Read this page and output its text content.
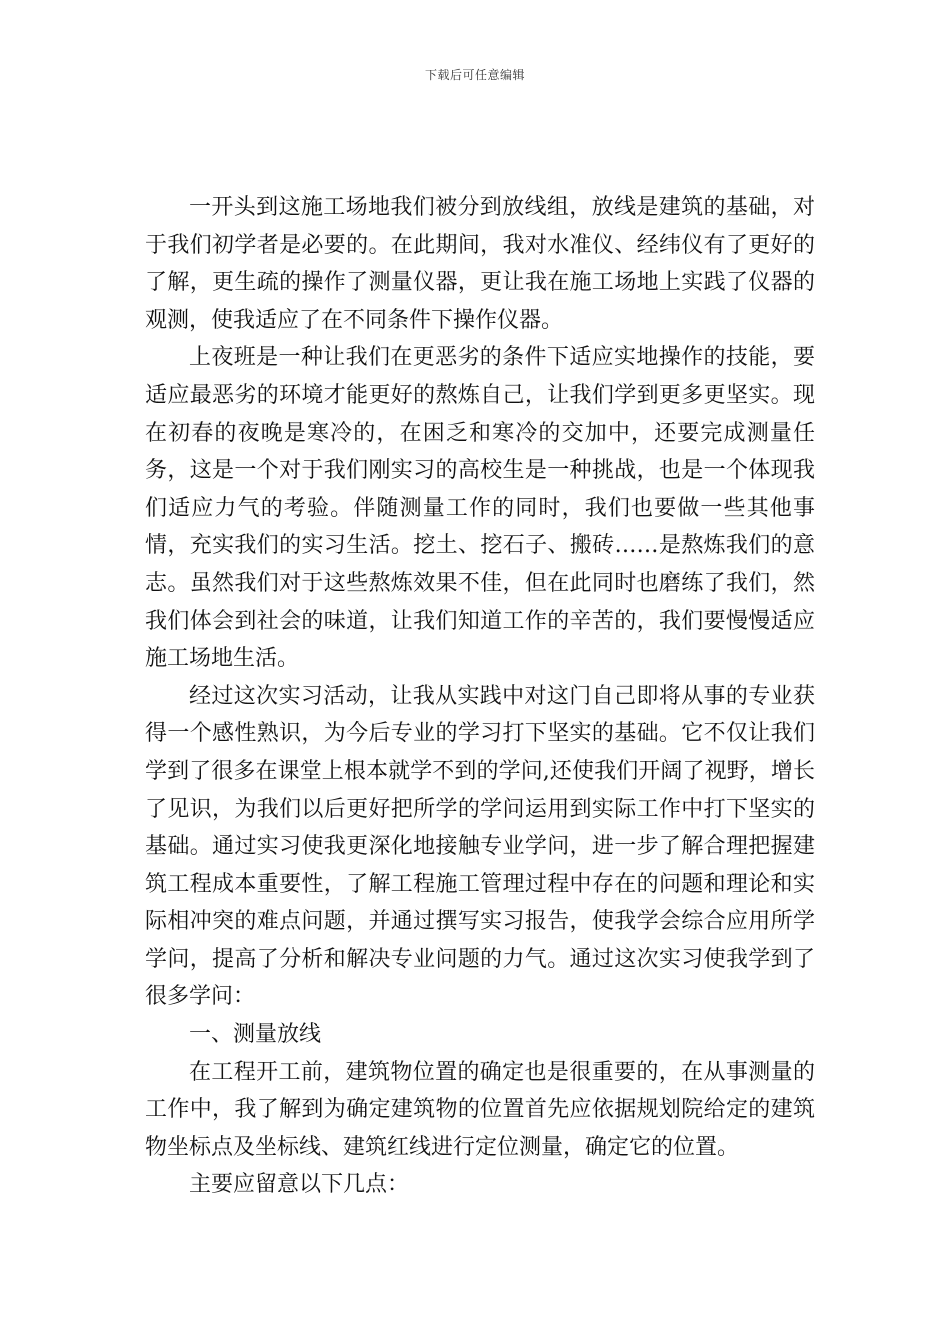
下载后可任意编辑

一开头到这施工场地我们被分到放线组，放线是建筑的基础，对于我们初学者是必要的。在此期间，我对水准仪、经纬仪有了更好的了解，更生疏的操作了测量仪器，更让我在施工场地上实践了仪器的观测，使我适应了在不同条件下操作仪器。

上夜班是一种让我们在更恶劣的条件下适应实地操作的技能，要适应最恶劣的环境才能更好的熬炼自己，让我们学到更多更坚实。现在初春的夜晚是寒冷的，在困乏和寒冷的交加中，还要完成测量任务，这是一个对于我们刚实习的高校生是一种挑战，也是一个体现我们适应力气的考验。伴随测量工作的同时，我们也要做一些其他事情，充实我们的实习生活。挖土、挖石子、搬砖……是熬炼我们的意志。虽然我们对于这些熬炼效果不佳，但在此同时也磨练了我们，然我们体会到社会的味道，让我们知道工作的辛苦的，我们要慢慢适应施工场地生活。

经过这次实习活动，让我从实践中对这门自己即将从事的专业获得一个感性熟识，为今后专业的学习打下坚实的基础。它不仅让我们学到了很多在课堂上根本就学不到的学问,还使我们开阔了视野，增长了见识，为我们以后更好把所学的学问运用到实际工作中打下坚实的基础。通过实习使我更深化地接触专业学问，进一步了解合理把握建筑工程成本重要性，了解工程施工管理过程中存在的问题和理论和实际相冲突的难点问题，并通过撰写实习报告，使我学会综合应用所学学问，提高了分析和解决专业问题的力气。通过这次实习使我学到了很多学问：

一、测量放线

在工程开工前，建筑物位置的确定也是很重要的，在从事测量的工作中，我了解到为确定建筑物的位置首先应依据规划院给定的建筑物坐标点及坐标线、建筑红线进行定位测量，确定它的位置。

主要应留意以下几点：
